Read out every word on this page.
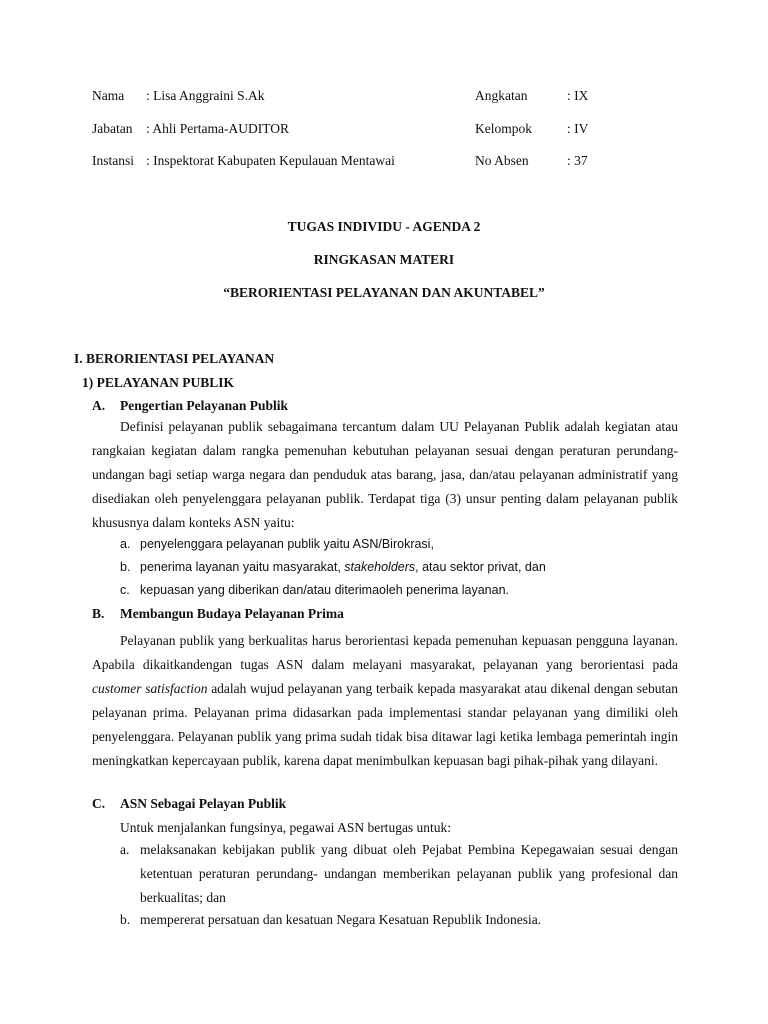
Nama : Lisa Anggraini S.Ak	Angkatan	: IX
Jabatan : Ahli Pertama-AUDITOR	Kelompok	: IV
Instansi : Inspektorat Kabupaten Kepulauan Mentawai	No Absen	: 37
TUGAS INDIVIDU - AGENDA 2
RINGKASAN MATERI
“BERORIENTASI PELAYANAN DAN AKUNTABEL”
I. BERORIENTASI PELAYANAN
1) PELAYANAN PUBLIK
A. Pengertian Pelayanan Publik
Definisi pelayanan publik sebagaimana tercantum dalam UU Pelayanan Publik adalah kegiatan atau rangkaian kegiatan dalam rangka pemenuhan kebutuhan pelayanan sesuai dengan peraturan perundang-undangan bagi setiap warga negara dan penduduk atas barang, jasa, dan/atau pelayanan administratif yang disediakan oleh penyelenggara pelayanan publik. Terdapat tiga (3) unsur penting dalam pelayanan publik khususnya dalam konteks ASN yaitu:
a. penyelenggara pelayanan publik yaitu ASN/Birokrasi,
b. penerima layanan yaitu masyarakat, stakeholders, atau sektor privat, dan
c. kepuasan yang diberikan dan/atau diterimaoleh penerima layanan.
B. Membangun Budaya Pelayanan Prima
Pelayanan publik yang berkualitas harus berorientasi kepada pemenuhan kepuasan pengguna layanan. Apabila dikaitkandengan tugas ASN dalam melayani masyarakat, pelayanan yang berorientasi pada customer satisfaction adalah wujud pelayanan yang terbaik kepada masyarakat atau dikenal dengan sebutan pelayanan prima. Pelayanan prima didasarkan pada implementasi standar pelayanan yang dimiliki oleh penyelenggara. Pelayanan publik yang prima sudah tidak bisa ditawar lagi ketika lembaga pemerintah ingin meningkatkan kepercayaan publik, karena dapat menimbulkan kepuasan bagi pihak-pihak yang dilayani.
C. ASN Sebagai Pelayan Publik
Untuk menjalankan fungsinya, pegawai ASN bertugas untuk:
a. melaksanakan kebijakan publik yang dibuat oleh Pejabat Pembina Kepegawaian sesuai dengan ketentuan peraturan perundang- undangan memberikan pelayanan publik yang profesional dan berkualitas; dan
b. mempererat persatuan dan kesatuan Negara Kesatuan Republik Indonesia.
